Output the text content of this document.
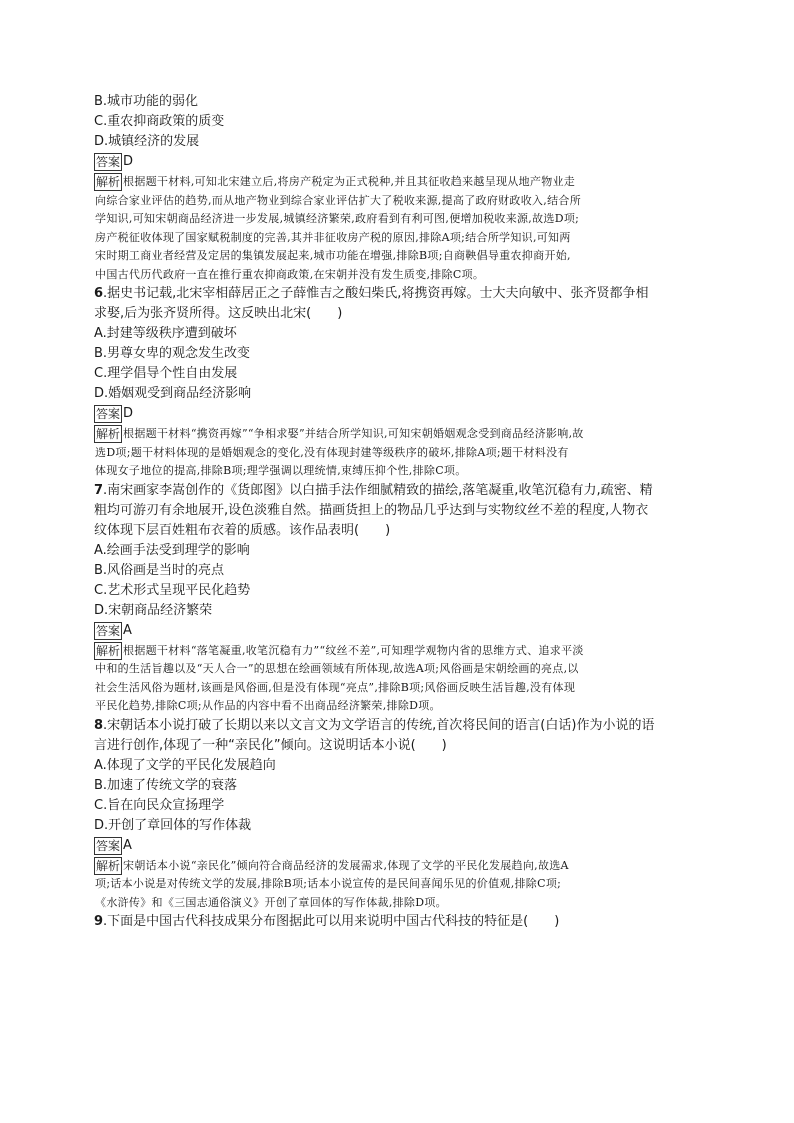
B.城市功能的弱化
C.重农抑商政策的质变
D.城镇经济的发展
答案 D
解析 根据题干材料,可知北宋建立后,将房产税定为正式税种,并且其征收趋来越呈现从地产物业走
向综合家业评估的趋势,而从地产物业到综合家业评估扩大了税收来源,提高了政府财政收入,结合所
学知识,可知宋朝商品经济进一步发展,城镇经济繁荣,政府看到有利可图,便增加税收来源,故选D项;
房产税征收体现了国家赋税制度的完善,其并非征收房产税的原因,排除A项;结合所学知识,可知两
宋时期工商业者经营及定居的集镇发展起来,城市功能在增强,排除B项;自商鞅倡导重农抑商开始,
中国古代历代政府一直在推行重农抑商政策,在宋朝并没有发生质变,排除C项。
6.据史书记载,北宋宰相薛居正之子薛惟吉之酸妇柴氏,将携资再嫁。士大夫向敏中、张齐贤都争相
求娶,后为张齐贤所得。这反映出北宋(　　)
A.封建等级秩序遭到破坏
B.男尊女卑的观念发生改变
C.理学倡导个性自由发展
D.婚姻观受到商品经济影响
答案 D
解析 根据题干材料“携资再嫁”“争相求娶”并结合所学知识,可知宋朝婚姻观念受到商品经济影响,故
选D项;题干材料体现的是婚姻观念的变化,没有体现封建等级秩序的破坏,排除A项;题干材料没有
体现女子地位的提高,排除B项;理学强调以理统情,束缚压抑个性,排除C项。
7.南宋画家李嵩创作的《货郎图》以白描手法作细腻精致的描绘,落笔凝重,收笔沉稳有力,疏密、精
粗均可游刃有余地展开,设色淡雅自然。描画货担上的物品几乎达到与实物纹丝不差的程度,人物衣
纹体现下层百姓粗布衣着的质感。该作品表明(　　)
A.绘画手法受到理学的影响
B.风俗画是当时的亮点
C.艺术形式呈现平民化趋势
D.宋朝商品经济繁荣
答案 A
解析 根据题干材料“落笔凝重,收笔沉稳有力”“纹丝不差”,可知理学观物内省的思维方式、追求平淡
中和的生活旨趣以及“天人合一”的思想在绘画领域有所体现,故选A项;风俗画是宋朝绘画的亮点,以
社会生活风俗为题材,该画是风俗画,但是没有体现“亮点”,排除B项;风俗画反映生活旨趣,没有体现
平民化趋势,排除C项;从作品的内容中看不出商品经济繁荣,排除D项。
8.宋朝话本小说打破了长期以来以文言文为文学语言的传统,首次将民间的语言(白话)作为小说的语
言进行创作,体现了一种“亲民化”倾向。这说明话本小说(　　)
A.体现了文学的平民化发展趋向
B.加速了传统文学的衰落
C.旨在向民众宣扬理学
D.开创了章回体的写作体裁
答案 A
解析 宋朝话本小说“亲民化”倾向符合商品经济的发展需求,体现了文学的平民化发展趋向,故选A
项;话本小说是对传统文学的发展,排除B项;话本小说宣传的是民间喜闻乐见的价值观,排除C项;
《水浒传》和《三国志通俗演义》开创了章回体的写作体裁,排除D项。
9.下面是中国古代科技成果分布图据此可以用来说明中国古代科技的特征是(　　)
